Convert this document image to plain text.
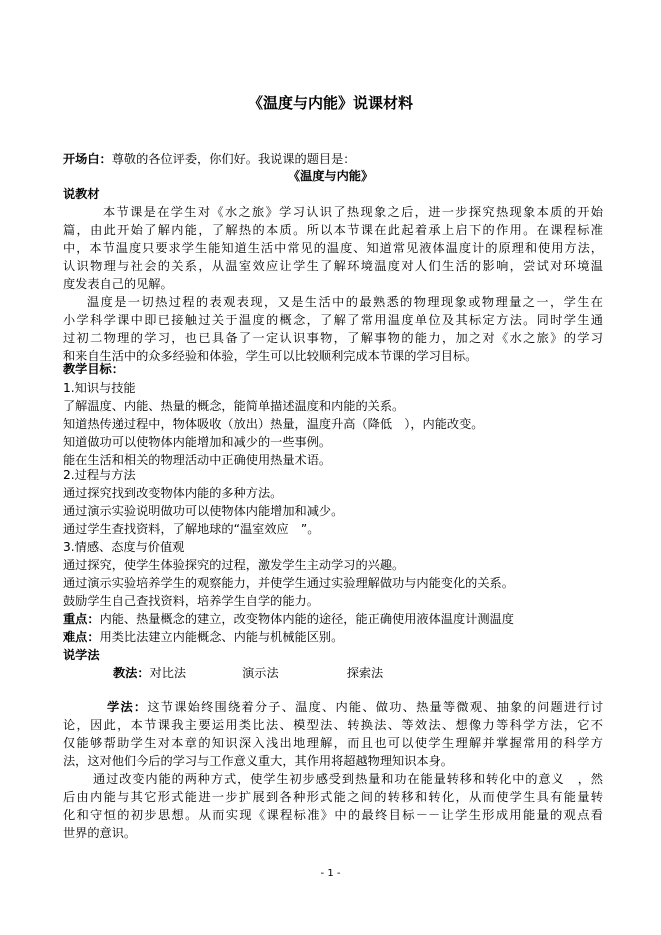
《温度与内能》说课材料
开场白：尊敬的各位评委，你们好。我说课的题目是：
《温度与内能》
说教材
本节课是在学生对《水之旅》学习认识了热现象之后，进一步探究热现象本质的开始
篇，由此开始了解内能，了解热的本质。所以本节课在此起着承上启下的作用。在课程标准
中，本节温度只要求学生能知道生活中常见的温度、知道常见液体温度计的原理和使用方法，
认识物理与社会的关系，从温室效应让学生了解环境温度对人们生活的影响，尝试对环境温
度发表自己的见解。
温度是一切热过程的表观表现，又是生活中的最熟悉的物理现象或物理量之一，学生在
小学科学课中即已接触过关于温度的概念，了解了常用温度单位及其标定方法。同时学生通
过初二物理的学习，也已具备了一定认识事物，了解事物的能力，加之对《水之旅》的学习
和来自生活中的众多经验和体验，学生可以比较顺利完成本节课的学习目标。
教学目标：
1.知识与技能
了解温度、内能、热量的概念，能简单描述温度和内能的关系。
知道热传递过程中，物体吸收（放出）热量，温度升高（降低　），内能改变。
知道做功可以使物体内能增加和减少的一些事例。
能在生活和相关的物理活动中正确使用热量术语。
2.过程与方法
通过探究找到改变物体内能的多种方法。
通过演示实验说明做功可以使物体内能增加和减少。
通过学生查找资料，了解地球的“温室效应　”。
3.情感、态度与价值观
通过探究，使学生体验探究的过程，激发学生主动学习的兴趣。
通过演示实验培养学生的观察能力，并使学生通过实验理解做功与内能变化的关系。
鼓励学生自己查找资料，培养学生自学的能力。
重点：内能、热量概念的建立，改变物体内能的途径，能正确使用液体温度计测温度
难点：用类比法建立内能概念、内能与机械能区别。
说学法
教法：对比法	演示法	探索法
学法：这节课始终围绕着分子、温度、内能、做功、热量等微观、抽象的问题进行讨
论，因此，本节课我主要运用类比法、模型法、转换法、等效法、想像力等科学方法，它不
仅能够帮助学生对本章的知识深入浅出地理解，而且也可以使学生理解并掌握常用的科学方
法，这对他们今后的学习与工作意义重大，其作用将超越物理知识本身。
通过改变内能的两种方式，使学生初步感受到热量和功在能量转移和转化中的意义　，然
后由内能与其它形式能进一步扩展到各种形式能之间的转移和转化，从而使学生具有能量转
化和守恒的初步思想。从而实现《课程标准》中的最终目标－－让学生形成用能量的观点看
世界的意识。
- 1 -
